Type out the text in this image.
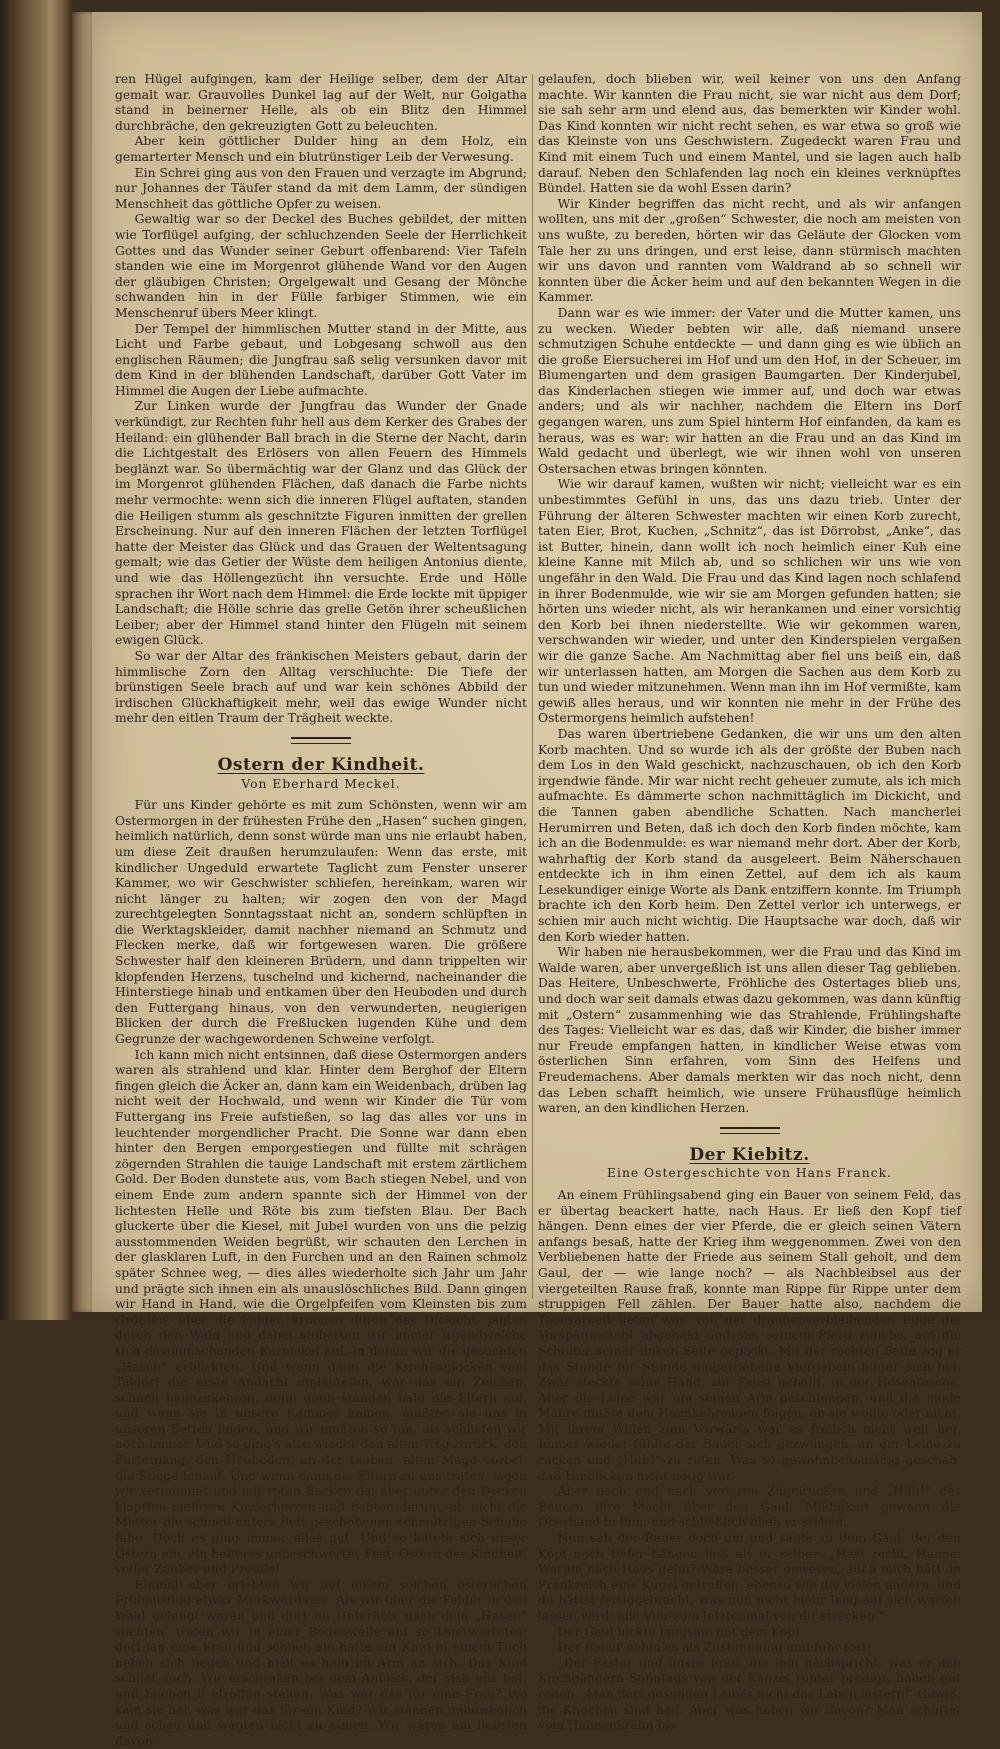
ren Hügel aufgingen, kam der Heilige selber, dem der Altar gemalt war. Grauvolles Dunkel lag auf der Welt, nur Golgatha stand in beinerner Helle, als ob ein Blitz den Himmel durchbräche, den gekreuzigten Gott zu beleuchten.

Aber kein göttlicher Dulder hing an dem Holz, ein gemarterter Mensch und ein blutrünstiger Leib der Verwesung.

Ein Schrei ging aus von den Frauen und verzagte im Abgrund; nur Johannes der Täufer stand da mit dem Lamm, der sündigen Menschheit das göttliche Opfer zu weisen.

Gewaltig war so der Deckel des Buches gebildet, der mitten wie Torflügel aufging, der schluchzenden Seele der Herrlichkeit Gottes und das Wunder seiner Geburt offenbarend: Vier Tafeln standen wie eine im Morgenrot glühende Wand vor den Augen der gläubigen Christen; Orgelgewalt und Gesang der Mönche schwanden hin in der Fülle farbiger Stimmen, wie ein Menschenruf übers Meer klingt.

Der Tempel der himmlischen Mutter stand in der Mitte, aus Licht und Farbe gebaut, und Lobgesang schwoll aus den englischen Räumen; die Jungfrau saß selig versunken davor mit dem Kind in der blühenden Landschaft, darüber Gott Vater im Himmel die Augen der Liebe aufmachte.

Zur Linken wurde der Jungfrau das Wunder der Gnade verkündigt, zur Rechten fuhr hell aus dem Kerker des Grabes der Heiland: ein glühender Ball brach in die Sterne der Nacht, darin die Lichtgestalt des Erlösers von allen Feuern des Himmels beglänzt war. So übermächtig war der Glanz und das Glück der im Morgenrot glühenden Flächen, daß danach die Farbe nichts mehr vermochte: wenn sich die inneren Flügel auftaten, standen die Heiligen stumm als geschnitzte Figuren inmitten der grellen Erscheinung. Nur auf den inneren Flächen der letzten Torflügel hatte der Meister das Glück und das Grauen der Weltentsagung gemalt; wie das Getier der Wüste dem heiligen Antonius diente, und wie das Höllengezücht ihn versuchte. Erde und Hölle sprachen ihr Wort nach dem Himmel: die Erde lockte mit üppiger Landschaft; die Hölle schrie das grelle Getön ihrer scheußlichen Leiber; aber der Himmel stand hinter den Flügeln mit seinem ewigen Glück.

So war der Altar des fränkischen Meisters gebaut, darin der himmlische Zorn den Alltag verschluchte: Die Tiefe der brünstigen Seele brach auf und war kein schönes Abbild der irdischen Glückhaftigkeit mehr, weil das ewige Wunder nicht mehr den eitlen Traum der Trägheit weckte.

Ostern der Kindheit.
Von Eberhard Meckel.

Für uns Kinder gehörte es mit zum Schönsten, wenn wir am Ostermorgen in der frühesten Frühe den „Hasen“ suchen gingen, heimlich natürlich, denn sonst würde man uns nie erlaubt haben, um diese Zeit draußen herumzulaufen: Wenn das erste, mit kindlicher Ungeduld erwartete Taglicht zum Fenster unserer Kammer, wo wir Geschwister schliefen, hereinkam, waren wir nicht länger zu halten; wir zogen den von der Magd zurechtgelegten Sonntagsstaat nicht an, sondern schlüpften in die Werktagskleider, damit nachher niemand an Schmutz und Flecken merke, daß wir fortgewesen waren. Die größere Schwester half den kleineren Brüdern, und dann trippelten wir klopfenden Herzens, tuschelnd und kichernd, nacheinander die Hinterstiege hinab und entkamen über den Heuboden und durch den Futtergang hinaus, von den verwunderten, neugierigen Blicken der durch die Freßlucken lugenden Kühe und dem Gegrunze der wachgewordenen Schweine verfolgt.

Ich kann mich nicht entsinnen, daß diese Ostermorgen anders waren als strahlend und klar. Hinter dem Berghof der Eltern fingen gleich die Äcker an, dann kam ein Weidenbach, drüben lag nicht weit der Hochwald, und wenn wir Kinder die Tür vom Futtergang ins Freie aufstießen, so lag das alles vor uns in leuchtender morgendlicher Pracht. Die Sonne war dann eben hinter den Bergen emporgestiegen und füllte mit schrägen zögernden Strahlen die tauige Landschaft mit erstem zärtlichem Gold. Der Boden dunstete aus, vom Bach stiegen Nebel, und von einem Ende zum andern spannte sich der Himmel von der lichtesten Helle und Röte bis zum tiefsten Blau. Der Bach gluckerte über die Kiesel, mit Jubel wurden von uns die pelzig ausstommenden Weiden begrüßt, wir schauten den Lerchen in der glasklaren Luft, in den Furchen und an den Rainen schmolz später Schnee weg, — dies alles wiederholte sich Jahr um Jahr und prägte sich ihnen ein als unauslöschliches Bild. Dann gingen wir Hand in Hand, wie die Orgelpfeifen vom Kleinsten bis zum Größten, über die Felder, krochen durch das Dickicht, jagten durch den Wald und dabei stöberten wir immer irgendwelche sich davonmachenden Karnickel auf, in denen wir die gesuchten „Hasen“ erblickten. Und wenn dann die Kirchenglocken vom Taldorf die erste Andacht einläuteten, war das ein Zeichen, schnell heimzukehren, denn dann standen bald die Eltern auf, und wenn sie in unsere Kammer kamen, mußten sie uns in unseren Betten finden, und wir mußten so tun, als schliefen wir noch immer. Und so ging's also wieder den alten Weg zurück, den Futtergang, den Heuboden, an der tauben, alten Magd vorbei, die Stiege hinauf. Und wenn dann die Eltern zu uns traten, lagen wir vermummt und mit roten Backen da, aber unter den Decken klopften mehrere Kinderherzen und bebten darum, ob nicht die Mutter die schnell unters Bett geschobenen schmutzigen Schuhe fähe. Doch es ging immer alles gut. Und so leitete sich unser Ostern ein, ein heiteres unbeschwertes Fest: Ostern der Kindheit, voller Zauber und Freude!

Einmal aber erlebten wir auf einem solchen österlichen Frühausflug etwas Merkwürdiges. Als wir über die Felder in den Wald gelangt waren und dort im Unterholz nach dem „Hasen“ suchten, trafen wir in einer Bodenwelle auf so Unerwartetes: dort lag eine Frau und schlief; sie hatte ein Kind in einem Tuch neben sich liegen und hielt es halb im Arm an sich. Das Kind schlief auch. Wir erschraken bei dem Anblick, der sich uns bot, und blieben b etroffen stehen. Was war das für eine Frau? Wo kam sie her, was war das für ein Kind? Wir standen unbeweglich und scheu und wagten nicht zu atmen. Wir wären am liebsten davon-

gelaufen, doch blieben wir, weil keiner von uns den Anfang machte. Wir kannten die Frau nicht, sie war nicht aus dem Dorf; sie sah sehr arm und elend aus, das bemerkten wir Kinder wohl. Das Kind konnten wir nicht recht sehen, es war etwa so groß wie das Kleinste von uns Geschwistern. Zugedeckt waren Frau und Kind mit einem Tuch und einem Mantel, und sie lagen auch halb darauf. Neben den Schlafenden lag noch ein kleines verknüpftes Bündel. Hatten sie da wohl Essen darin?

Wir Kinder begriffen das nicht recht, und als wir anfangen wollten, uns mit der „großen“ Schwester, die noch am meisten von uns wußte, zu bereden, hörten wir das Geläute der Glocken vom Tale her zu uns dringen, und erst leise, dann stürmisch machten wir uns davon und rannten vom Waldrand ab so schnell wir konnten über die Äcker heim und auf den bekannten Wegen in die Kammer.

Dann war es wie immer: der Vater und die Mutter kamen, uns zu wecken. Wieder bebten wir alle, daß niemand unsere schmutzigen Schuhe entdeckte — und dann ging es wie üblich an die große Eiersucherei im Hof und um den Hof, in der Scheuer, im Blumengarten und dem grasigen Baumgarten. Der Kinderjubel, das Kinderlachen stiegen wie immer auf, und doch war etwas anders; und als wir nachher, nachdem die Eltern ins Dorf gegangen waren, uns zum Spiel hinterm Hof einfanden, da kam es heraus, was es war: wir hatten an die Frau und an das Kind im Wald gedacht und überlegt, wie wir ihnen wohl von unseren Ostersachen etwas bringen könnten.

Wie wir darauf kamen, wußten wir nicht; vielleicht war es ein unbestimmtes Gefühl in uns, das uns dazu trieb. Unter der Führung der älteren Schwester machten wir einen Korb zurecht, taten Eier, Brot, Kuchen, „Schnitz“, das ist Dörrobst, „Anke“, das ist Butter, hinein, dann wollt ich noch heimlich einer Kuh eine kleine Kanne mit Milch ab, und so schlichen wir uns wie von ungefähr in den Wald. Die Frau und das Kind lagen noch schlafend in ihrer Bodenmulde, wie wir sie am Morgen gefunden hatten; sie hörten uns wieder nicht, als wir herankamen und einer vorsichtig den Korb bei ihnen niederstellte. Wie wir gekommen waren, verschwanden wir wieder, und unter den Kinderspielen vergaßen wir die ganze Sache. Am Nachmittag aber fiel uns beiß ein, daß wir unterlassen hatten, am Morgen die Sachen aus dem Korb zu tun und wieder mitzunehmen. Wenn man ihn im Hof vermißte, kam gewiß alles heraus, und wir konnten nie mehr in der Frühe des Ostermorgens heimlich aufstehen!

Das waren übertriebene Gedanken, die wir uns um den alten Korb machten. Und so wurde ich als der größte der Buben nach dem Los in den Wald geschickt, nachzuschauen, ob ich den Korb irgendwie fände. Mir war nicht recht geheuer zumute, als ich mich aufmachte. Es dämmerte schon nachmittäglich im Dickicht, und die Tannen gaben abendliche Schatten. Nach mancherlei Herumirren und Beten, daß ich doch den Korb finden möchte, kam ich an die Bodenmulde: es war niemand mehr dort. Aber der Korb, wahrhaftig der Korb stand da ausgeleert. Beim Näherschauen entdeckte ich in ihm einen Zettel, auf dem ich als kaum Lesekundiger einige Worte als Dank entziffern konnte. Im Triumph brachte ich den Korb heim. Den Zettel verlor ich unterwegs, er schien mir auch nicht wichtig. Die Hauptsache war doch, daß wir den Korb wieder hatten.

Wir haben nie herausbekommen, wer die Frau und das Kind im Walde waren, aber unvergeßlich ist uns allen dieser Tag geblieben. Das Heitere, Unbeschwerte, Fröhliche des Ostertages blieb uns, und doch war seit damals etwas dazu gekommen, was dann künftig mit „Ostern“ zusammenhing wie das Strahlende, Frühlingshafte des Tages: Vielleicht war es das, daß wir Kinder, die bisher immer nur Freude empfangen hatten, in kindlicher Weise etwas vom österlichen Sinn erfahren, vom Sinn des Helfens und Freudemachens. Aber damals merkten wir das noch nicht, denn das Leben schafft heimlich, wie unsere Frühausflüge heimlich waren, an den kindlichen Herzen.

Der Kiebitz.
Eine Ostergeschichte von Hans Franck.

An einem Frühlingsabend ging ein Bauer von seinem Feld, das er übertag beackert hatte, nach Haus. Er ließ den Kopf tief hängen. Denn eines der vier Pferde, die er gleich seinen Vätern anfangs besaß, hatte der Krieg ihm weggenommen. Zwei von den Verbliebenen hatte der Friede aus seinem Stall geholt, und dem Gaul, der — wie lange noch? — als Nachbleibsel aus der viergeteilten Rause fraß, konnte man Rippe für Rippe unter dem struppigen Fell zählen. Der Bauer hatte also, nachdem die Tagesarbeit getan war, von der draußenverbleibenden Egge die Vorspannwacht abgehakt und sie, seinem Pferd zuliebe, auf die Schulter seiner linken Seite gepackt. Mit der rechten Seite zog er das Stunde für Stunde umgetriebene Viergebein hinter sich her. Zwar steckte seine Hand, zur Faust geballt, in der Hosentasche. Aber die Leine war um seinen Arm geschlungen, und die müde Mähre mußte dem Heimkehrenden folgen, ob sie wollte oder nicht. Mit ihrem Willen zum Vorwärts war es freilich nicht weit her. Immer wieder fühlte der Bauer sich gezwungen, an der Leine zu rucken und „Hüh!“ zu rufen. Was so gewohnheitsmäßig geschah, daß Umblicken nicht nötig war.

Aber nach und nach verloren Zügelrucken und „Hüh!“ des Bauern ihre Macht über den Gaul. Müdigkeit gewann die Oberhand in ihm, und schließlich blieb er stehen.

Nun sah der Bauer doch um und sagte zu dem Gaul, der den Kopf noch tiefer hängen ließ als er selber: „Hast recht, Hanne. Warum nach Haus gehn? Wäre besser gewesen, auch mich hätt' in Frankreich eine Kugel getroffen, ebenso wie die vielen andern, und du hättst fertiggebracht, was nun nicht mehr lang auf sich warten lassen wird: alle Vier zum letztenmal von dir strecken.“

Der Gaul nickte langsam mit dem Kopf.

Der Bauer nahm es als Zustimmung und fuhr fort:

„Der Pastor und unsre Frau, die ihm nachspricht, was er den Kirchgängern Sonntags von der Kanzel runter predigt, haben gut reden. ‚Man darf gesunden Leibes nicht das Leben lästern!‘ Gewiß, die Knochen sind heil. Aber was haben wir davon? Man schuftet vom Hahnenkrähn bis
